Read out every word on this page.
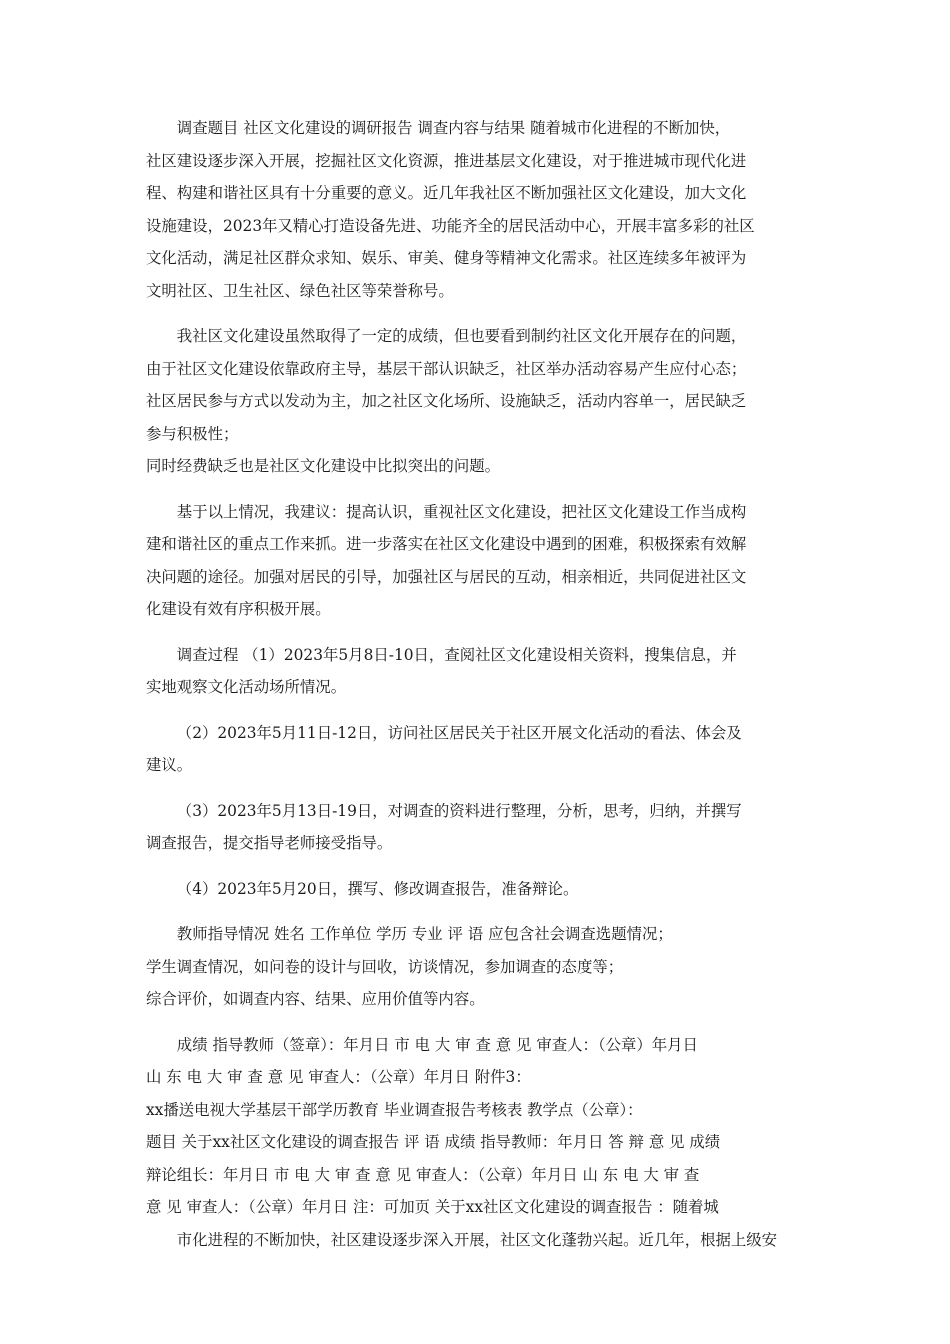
调查题目 社区文化建设的调研报告 调查内容与结果 随着城市化进程的不断加快，
社区建设逐步深入开展，挖掘社区文化资源，推进基层文化建设，对于推进城市现代化进
程、构建和谐社区具有十分重要的意义。近几年我社区不断加强社区文化建设，加大文化
设施建设，2023年又精心打造设备先进、功能齐全的居民活动中心，开展丰富多彩的社区
文化活动，满足社区群众求知、娱乐、审美、健身等精神文化需求。社区连续多年被评为
文明社区、卫生社区、绿色社区等荣誉称号。

我社区文化建设虽然取得了一定的成绩，但也要看到制约社区文化开展存在的问题，
由于社区文化建设依靠政府主导，基层干部认识缺乏，社区举办活动容易产生应付心态；
社区居民参与方式以发动为主，加之社区文化场所、设施缺乏，活动内容单一，居民缺乏
参与积极性；
同时经费缺乏也是社区文化建设中比拟突出的问题。

基于以上情况，我建议：提高认识，重视社区文化建设，把社区文化建设工作当成构
建和谐社区的重点工作来抓。进一步落实在社区文化建设中遇到的困难，积极探索有效解
决问题的途径。加强对居民的引导，加强社区与居民的互动，相亲相近，共同促进社区文
化建设有效有序积极开展。

调查过程 （1）2023年5月8日-10日，查阅社区文化建设相关资料，搜集信息，并
实地观察文化活动场所情况。

（2）2023年5月11日-12日，访问社区居民关于社区开展文化活动的看法、体会及
建议。

（3）2023年5月13日-19日，对调查的资料进行整理，分析，思考，归纳，并撰写
调查报告，提交指导老师接受指导。

（4）2023年5月20日，撰写、修改调查报告，准备辩论。

教师指导情况 姓名 工作单位 学历 专业 评 语 应包含社会调查选题情况；
学生调查情况，如问卷的设计与回收，访谈情况，参加调查的态度等；
综合评价，如调查内容、结果、应用价值等内容。

成绩 指导教师（签章）：年月日 市 电 大 审 查 意 见 审查人：（公章）年月日
山 东 电 大 审 查 意 见 审查人：（公章）年月日 附件3：
xx播送电视大学基层干部学历教育 毕业调查报告考核表 教学点（公章）：
题目 关于xx社区文化建设的调查报告 评 语 成绩 指导教师：年月日 答 辩 意 见 成绩
辩论组长：年月日 市 电 大 审 查 意 见 审查人：（公章）年月日 山 东 电 大 审 查
意 见 审查人：（公章）年月日 注：可加页 关于xx社区文化建设的调查报告 ：随着城
市化进程的不断加快，社区建设逐步深入开展，社区文化蓬勃兴起。近几年，根据上级安
